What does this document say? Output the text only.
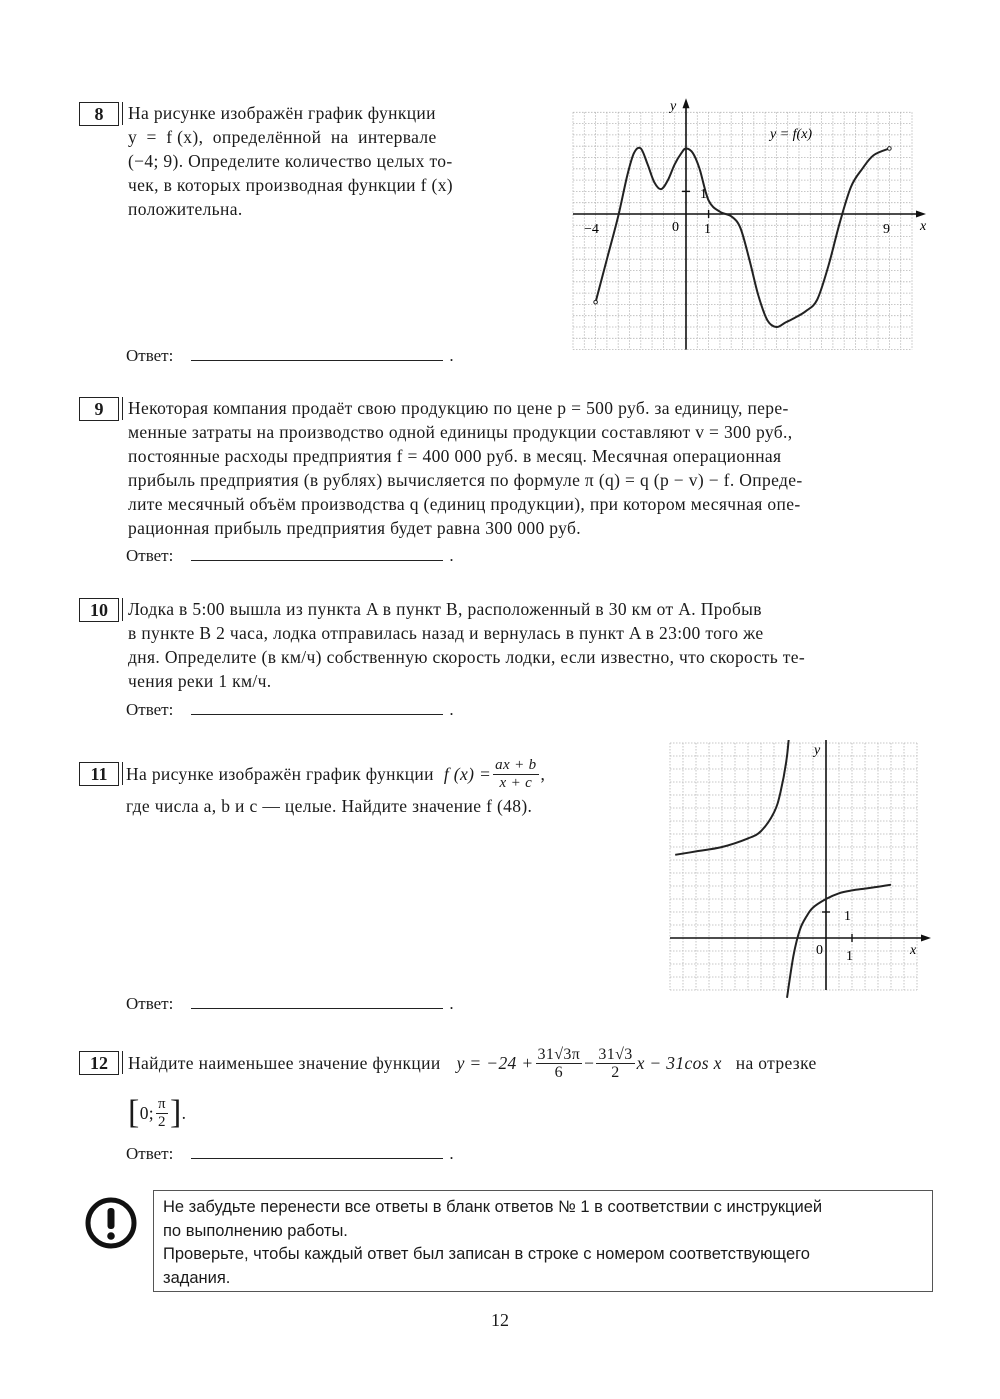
8	На рисунке изображён график функции
y  =  f (x),  определённой  на  интервале
(−4; 9). Определите количество целых то-
чек, в которых производная функции f (x)
положительна.
Ответ:	.
−4	0 1	9
1
x
y
y = f(x)
9	Некоторая компания продаёт свою продукцию по цене p = 500 руб. за единицу, пере-
менные затраты на производство одной единицы продукции составляют v = 300 руб.,
постоянные расходы предприятия f = 400 000 руб. в месяц. Месячная операционная
прибыль предприятия (в рублях) вычисляется по формуле π (q) = q (p − v) − f. Опреде-
лите месячный объём производства q (единиц продукции), при котором месячная опе-
рационная прибыль предприятия будет равна 300 000 руб.
Ответ:	.
10	Лодка в 5:00 вышла из пункта A в пункт B, расположенный в 30 км от A. Пробыв
в пункте B 2 часа, лодка отправилась назад и вернулась в пункт A в 23:00 того же
дня. Определите (в км/ч) собственную скорость лодки, если известно, что скорость те-
чения реки 1 км/ч.
Ответ:	.
11	На рисунке изображён график функции f $(x) = \frac{ax + b}{x + c}$ ,
где числа a, b и c — целые. Найдите значение f (48).
Ответ:	.
0 1
1
x
y
12	Найдите наименьшее значение функции $y = -24 + \frac{31√3\pi}{6} - \frac{31√3}{2}$ x − 31cos x на отрезке
[ 0; $\frac{\pi}{2}$ ] .
Ответ:	.
Не забудьте перенести все ответы в бланк ответов № 1 в соответствии с инструкцией
по выполнению работы.
Проверьте, чтобы каждый ответ был записан в строке с номером соответствующего
задания.
12
